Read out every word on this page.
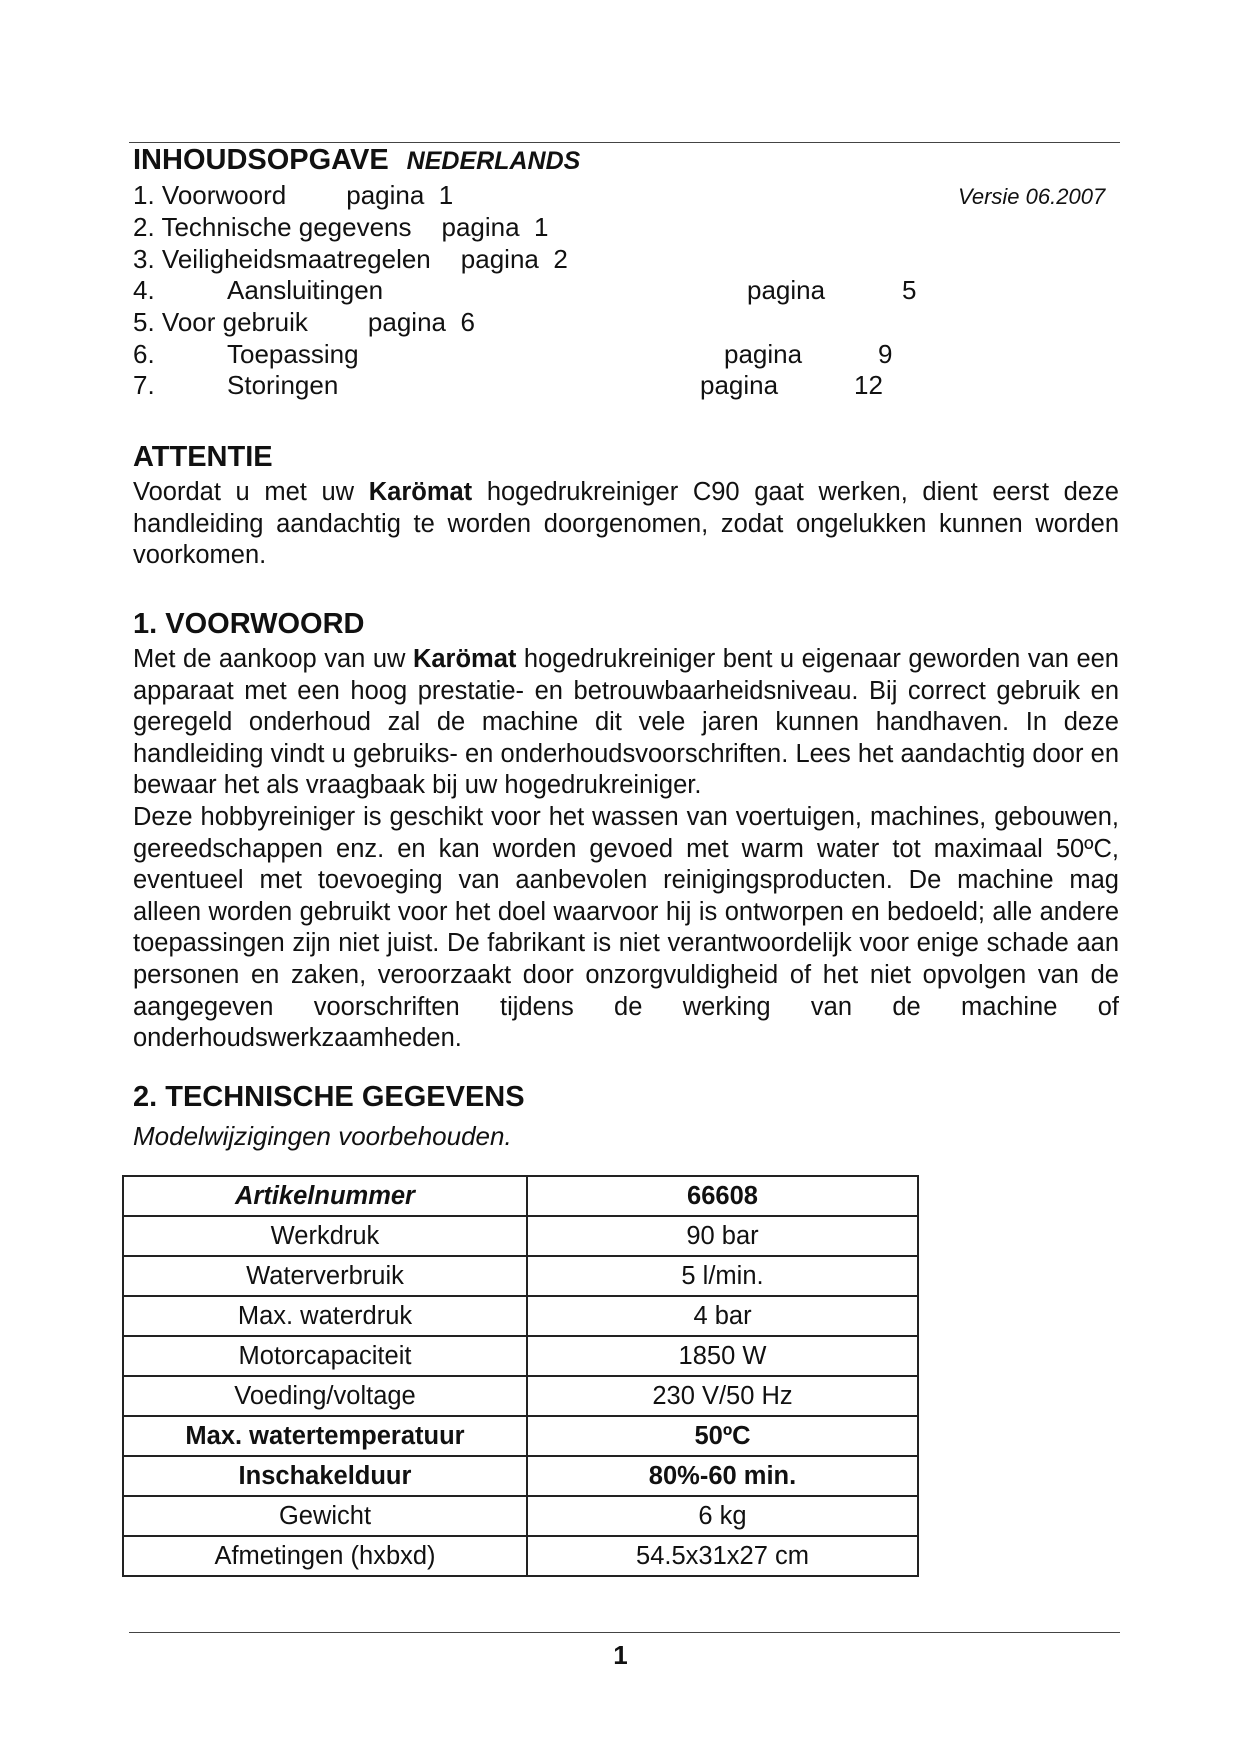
INHOUDSOPGAVE NEDERLANDS
Versie 06.2007
1. Voorwoord pagina 1
2. Technische gegevens pagina 1
3. Veiligheidsmaatregelen pagina 2
4.	Aansluitingen	pagina	5
5. Voor gebruik pagina 6
6.	Toepassing	pagina	9
7.	Storingen	pagina	12
ATTENTIE

Voordat u met uw Karömat hogedrukreiniger C90 gaat werken, dient eerst deze handleiding aandachtig te worden doorgenomen, zodat ongelukken kunnen worden voorkomen.

1. VOORWOORD

Met de aankoop van uw Karömat hogedrukreiniger bent u eigenaar geworden van een apparaat met een hoog prestatie- en betrouwbaarheidsniveau. Bij correct gebruik en geregeld onderhoud zal de machine dit vele jaren kunnen handhaven. In deze handleiding vindt u gebruiks- en onderhoudsvoorschriften. Lees het aandachtig door en bewaar het als vraagbaak bij uw hogedrukreiniger.

Deze hobbyreiniger is geschikt voor het wassen van voertuigen, machines, gebouwen, gereedschappen enz. en kan worden gevoed met warm water tot maximaal 50ºC, eventueel met toevoeging van aanbevolen reinigingsproducten. De machine mag alleen worden gebruikt voor het doel waarvoor hij is ontworpen en bedoeld; alle andere toepassingen zijn niet juist. De fabrikant is niet verantwoordelijk voor enige schade aan personen en zaken, veroorzaakt door onzorgvuldigheid of het niet opvolgen van de aangegeven voorschriften tijdens de werking van de machine of onderhoudswerkzaamheden.

2. TECHNISCHE GEGEVENS
Modelwijzigingen voorbehouden.
Artikelnummer	66608
Werkdruk	90 bar
Waterverbruik	5 l/min.
Max. waterdruk	4 bar
Motorcapaciteit	1850 W
Voeding/voltage	230 V/50 Hz
Max. watertemperatuur	50ºC
Inschakelduur	80%-60 min.
Gewicht	6 kg
Afmetingen (hxbxd)	54.5x31x27 cm
1
